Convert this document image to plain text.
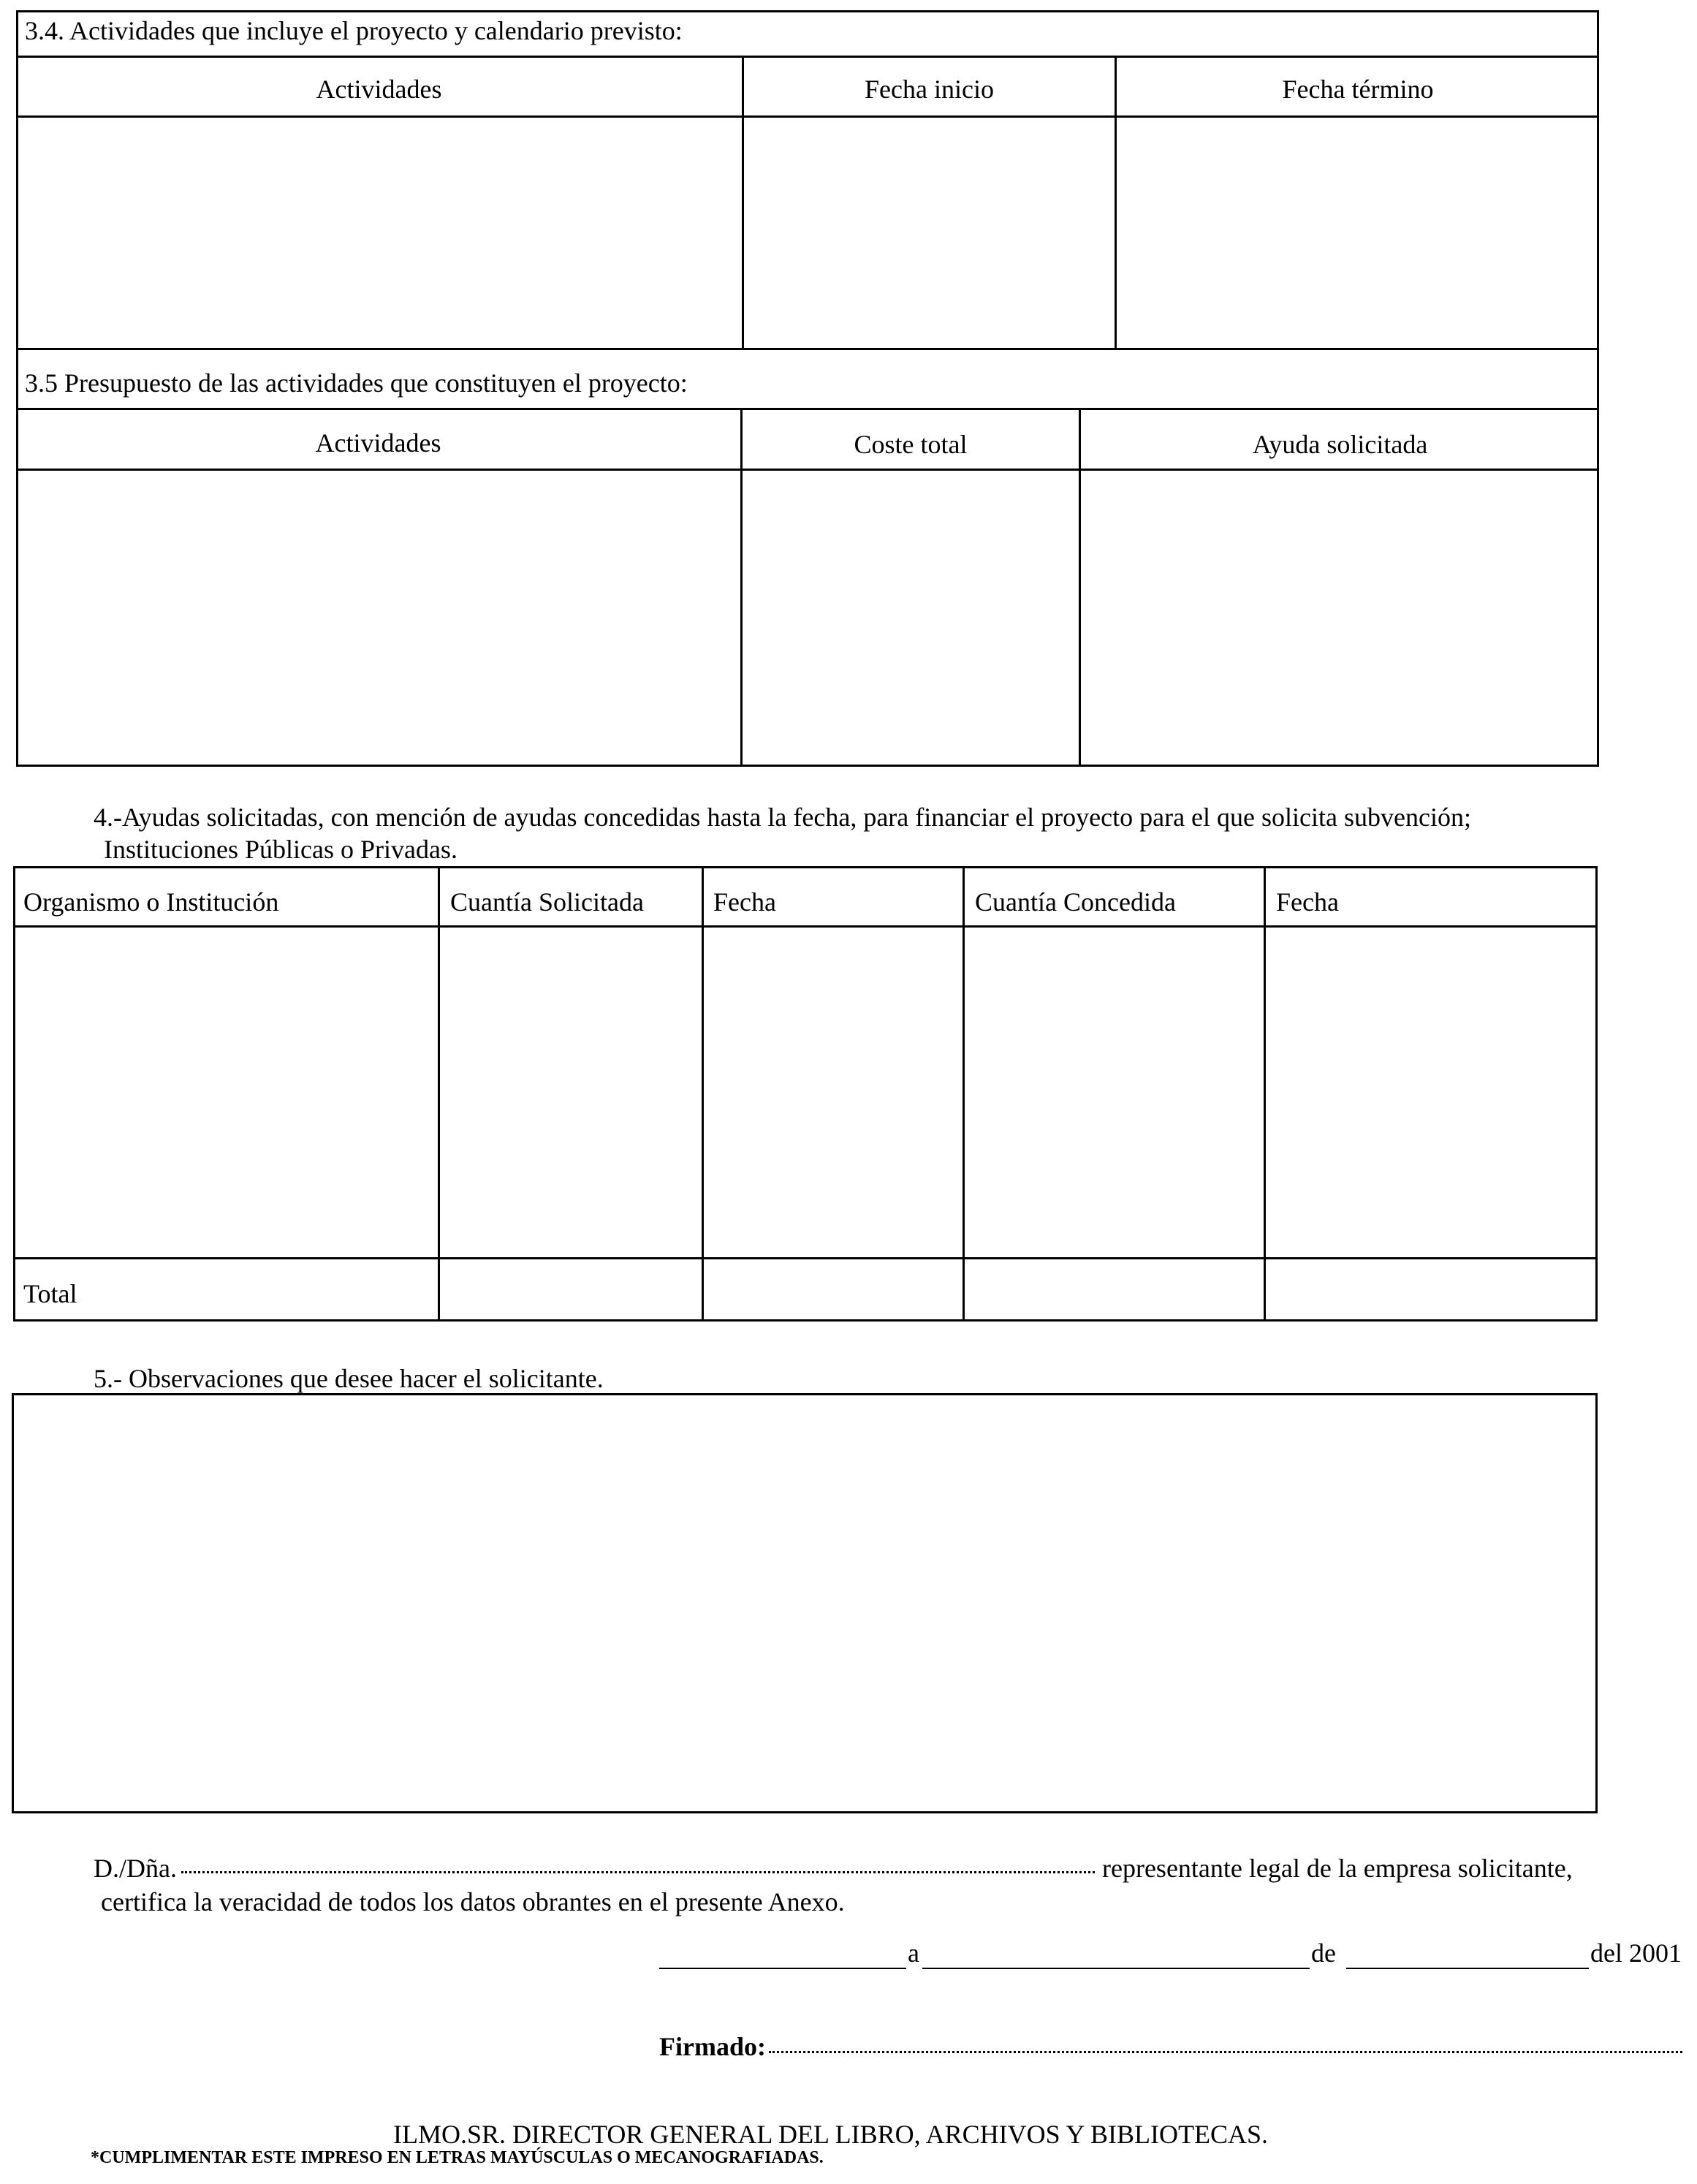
3.4. Actividades que incluye el proyecto y calendario previsto:
Actividades	Fecha inicio	Fecha término
3.5 Presupuesto de las actividades que constituyen el proyecto:
Actividades	Coste total	Ayuda solicitada
4.-Ayudas solicitadas, con mención de ayudas concedidas hasta la fecha, para financiar el proyecto para el que solicita subvención;
Instituciones Públicas o Privadas.
Organismo o Institución	Cuantía Solicitada	Fecha	Cuantía Concedida	Fecha
Total
5.- Observaciones que desee hacer el solicitante.
D./Dña.	representante legal de la empresa solicitante,
certifica la veracidad de todos los datos obrantes en el presente Anexo.
a	de	del 2001
Firmado:
ILMO.SR. DIRECTOR GENERAL DEL LIBRO, ARCHIVOS Y BIBLIOTECAS.
*CUMPLIMENTAR ESTE IMPRESO EN LETRAS MAYÚSCULAS O MECANOGRAFIADAS.
